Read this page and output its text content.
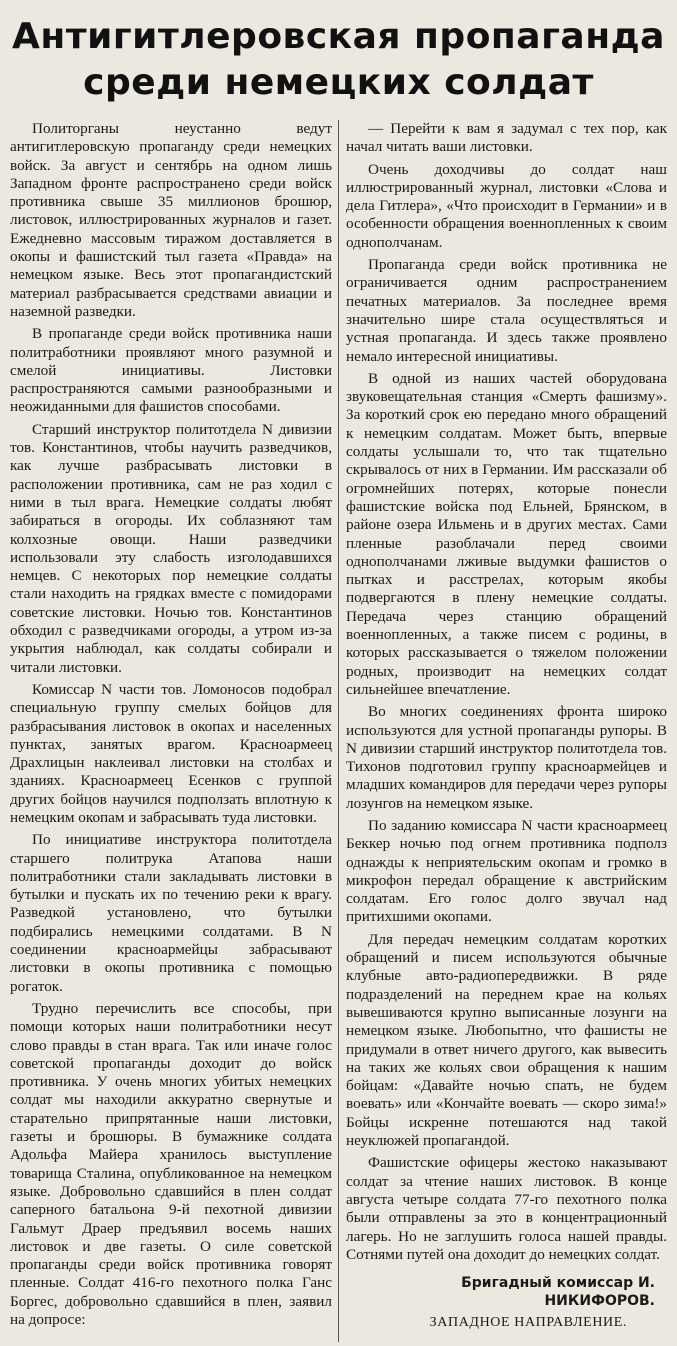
Антигитлеровская пропаганда
среди немецких солдат

Политорганы неустанно ведут антигитлеровскую пропаганду среди немецких войск. За август и сентябрь на одном лишь Западном фронте распространено среди войск противника свыше 35 миллионов брошюр, листовок, иллюстрированных журналов и газет. Ежедневно массовым тиражом доставляется в окопы и фашистский тыл газета «Правда» на немецком языке. Весь этот пропагандистский материал разбрасывается средствами авиации и наземной разведки.

В пропаганде среди войск противника наши политработники проявляют много разумной и смелой инициативы. Листовки распространяются самыми разнообразными и неожиданными для фашистов способами.

Старший инструктор политотдела N дивизии тов. Константинов, чтобы научить разведчиков, как лучше разбрасывать листовки в расположении противника, сам не раз ходил с ними в тыл врага. Немецкие солдаты любят забираться в огороды. Их соблазняют там колхозные овощи. Наши разведчики использовали эту слабость изголодавшихся немцев. С некоторых пор немецкие солдаты стали находить на грядках вместе с помидорами советские листовки. Ночью тов. Константинов обходил с разведчиками огороды, а утром из-за укрытия наблюдал, как солдаты собирали и читали листовки.

Комиссар N части тов. Ломоносов подобрал специальную группу смелых бойцов для разбрасывания листовок в окопах и населенных пунктах, занятых врагом. Красноармеец Драхлицын наклеивал листовки на столбах и зданиях. Красноармеец Есенков с группой других бойцов научился подползать вплотную к немецким окопам и забрасывать туда листовки.

По инициативе инструктора политотдела старшего политрука Атапова наши политработники стали закладывать листовки в бутылки и пускать их по течению реки к врагу. Разведкой установлено, что бутылки подбирались немецкими солдатами. В N соединении красноармейцы забрасывают листовки в окопы противника с помощью рогаток.

Трудно перечислить все способы, при помощи которых наши политработники несут слово правды в стан врага. Так или иначе голос советской пропаганды доходит до войск противника. У очень многих убитых немецких солдат мы находили аккуратно свернутые и старательно припрятанные наши листовки, газеты и брошюры. В бумажнике солдата Адольфа Майера хранилось выступление товарища Сталина, опубликованное на немецком языке. Добровольно сдавшийся в плен солдат саперного батальона 9-й пехотной дивизии Гальмут Драер предъявил восемь наших листовок и две газеты. О силе советской пропаганды среди войск противника говорят пленные. Солдат 416-го пехотного полка Ганс Боргес, добровольно сдавшийся в плен, заявил на допросе:

— Перейти к вам я задумал с тех пор, как начал читать ваши листовки.

Очень доходчивы до солдат наш иллюстрированный журнал, листовки «Слова и дела Гитлера», «Что происходит в Германии» и в особенности обращения военнопленных к своим однополчанам.

Пропаганда среди войск противника не ограничивается одним распространением печатных материалов. За последнее время значительно шире стала осуществляться и устная пропаганда. И здесь также проявлено немало интересной инициативы.

В одной из наших частей оборудована звуковещательная станция «Смерть фашизму». За короткий срок ею передано много обращений к немецким солдатам. Может быть, впервые солдаты услышали то, что так тщательно скрывалось от них в Германии. Им рассказали об огромнейших потерях, которые понесли фашистские войска под Ельней, Брянском, в районе озера Ильмень и в других местах. Сами пленные разоблачали перед своими однополчанами лживые выдумки фашистов о пытках и расстрелах, которым якобы подвергаются в плену немецкие солдаты. Передача через станцию обращений военнопленных, а также писем с родины, в которых рассказывается о тяжелом положении родных, производит на немецких солдат сильнейшее впечатление.

Во многих соединениях фронта широко используются для устной пропаганды рупоры. В N дивизии старший инструктор политотдела тов. Тихонов подготовил группу красноармейцев и младших командиров для передачи через рупоры лозунгов на немецком языке.

По заданию комиссара N части красноармеец Беккер ночью под огнем противника подполз однажды к неприятельским окопам и громко в микрофон передал обращение к австрийским солдатам. Его голос долго звучал над притихшими окопами.

Для передач немецким солдатам коротких обращений и писем используются обычные клубные авто-радиопередвижки. В ряде подразделений на переднем крае на кольях вывешиваются крупно выписанные лозунги на немецком языке. Любопытно, что фашисты не придумали в ответ ничего другого, как вывесить на таких же кольях свои обращения к нашим бойцам: «Давайте ночью спать, не будем воевать» или «Кончайте воевать — скоро зима!» Бойцы искренне потешаются над такой неуклюжей пропагандой.

Фашистские офицеры жестоко наказывают солдат за чтение наших листовок. В конце августа четыре солдата 77-го пехотного полка были отправлены за это в концентрационный лагерь. Но не заглушить голоса нашей правды. Сотнями путей она доходит до немецких солдат.

Бригадный комиссар И. НИКИФОРОВ.
ЗАПАДНОЕ НАПРАВЛЕНИЕ.
